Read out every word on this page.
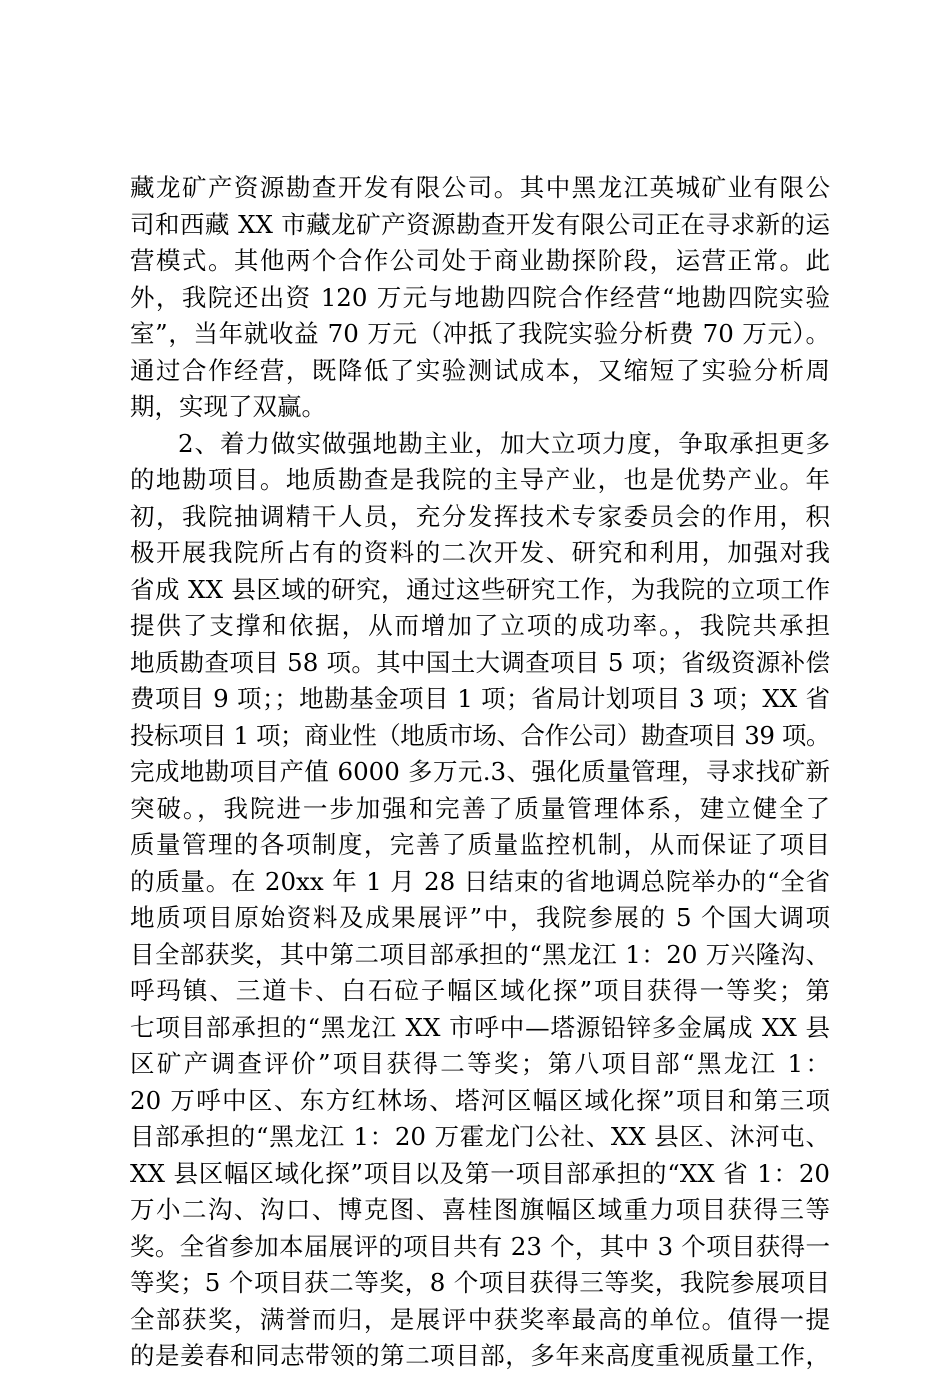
藏龙矿产资源勘查开发有限公司。其中黑龙江英城矿业有限公
司和西藏 XX 市藏龙矿产资源勘查开发有限公司正在寻求新的运
营模式。其他两个合作公司处于商业勘探阶段，运营正常。此
外，我院还出资 120 万元与地勘四院合作经营“地勘四院实验
室”，当年就收益 70 万元（冲抵了我院实验分析费 70 万元）。
通过合作经营，既降低了实验测试成本，又缩短了实验分析周
期，实现了双赢。
2、着力做实做强地勘主业，加大立项力度，争取承担更多
的地勘项目。地质勘查是我院的主导产业，也是优势产业。年
初，我院抽调精干人员，充分发挥技术专家委员会的作用，积
极开展我院所占有的资料的二次开发、研究和利用，加强对我
省成 XX 县区域的研究，通过这些研究工作，为我院的立项工作
提供了支撑和依据，从而增加了立项的成功率。，我院共承担
地质勘查项目 58 项。其中国土大调查项目 5 项；省级资源补偿
费项目 9 项；；地勘基金项目 1 项；省局计划项目 3 项；XX 省
投标项目 1 项；商业性（地质市场、合作公司）勘查项目 39 项。
完成地勘项目产值 6000 多万元.3、强化质量管理，寻求找矿新
突破。，我院进一步加强和完善了质量管理体系，建立健全了
质量管理的各项制度，完善了质量监控机制，从而保证了项目
的质量。在 20xx 年 1 月 28 日结束的省地调总院举办的“全省
地质项目原始资料及成果展评”中，我院参展的 5 个国大调项
目全部获奖，其中第二项目部承担的“黑龙江 1：20 万兴隆沟、
呼玛镇、三道卡、白石砬子幅区域化探”项目获得一等奖；第
七项目部承担的“黑龙江 XX 市呼中—塔源铅锌多金属成 XX 县
区矿产调查评价”项目获得二等奖；第八项目部“黑龙江 1：
20 万呼中区、东方红林场、塔河区幅区域化探”项目和第三项
目部承担的“黑龙江 1：20 万霍龙门公社、XX 县区、沐河屯、
XX 县区幅区域化探”项目以及第一项目部承担的“XX 省 1：20
万小二沟、沟口、博克图、喜桂图旗幅区域重力项目获得三等
奖。全省参加本届展评的项目共有 23 个，其中 3 个项目获得一
等奖；5 个项目获二等奖，8 个项目获得三等奖，我院参展项目
全部获奖，满誉而归，是展评中获奖率最高的单位。值得一提
的是姜春和同志带领的第二项目部，多年来高度重视质量工作，
